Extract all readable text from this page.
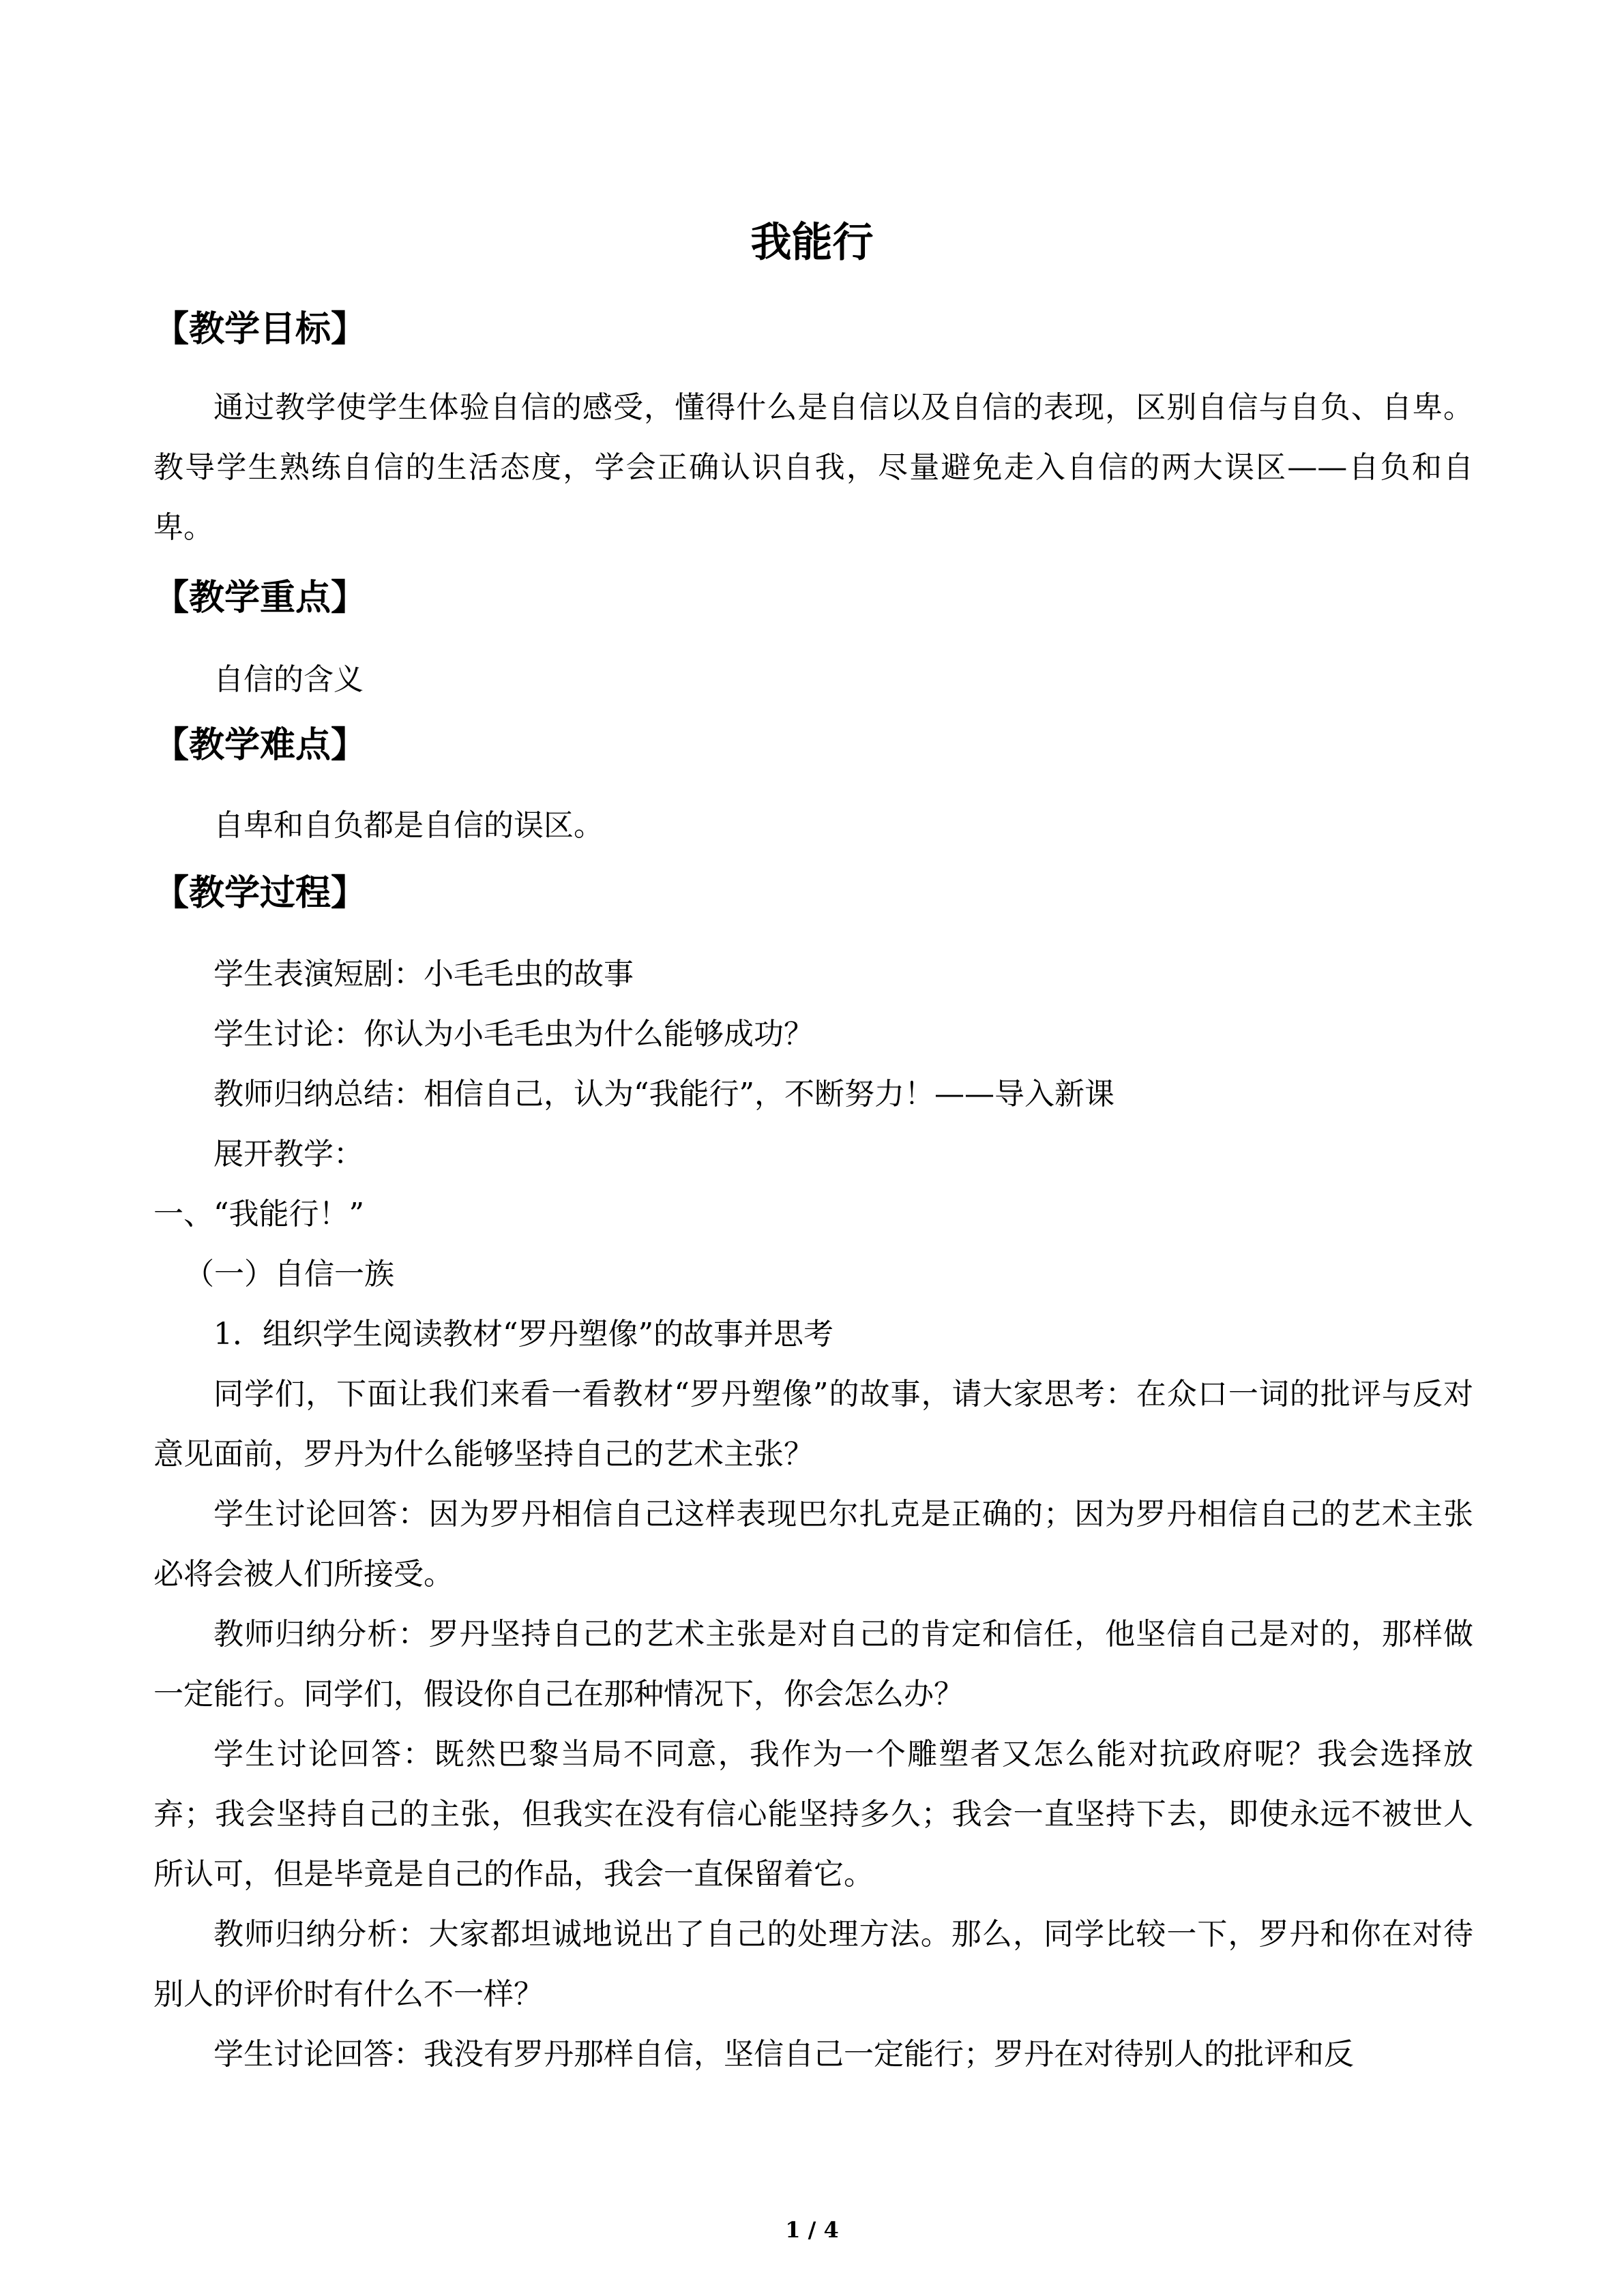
我能行
【教学目标】

通过教学使学生体验自信的感受，懂得什么是自信以及自信的表现，区别自信与自负、自卑。教导学生熟练自信的生活态度，学会正确认识自我，尽量避免走入自信的两大误区——自负和自卑。

【教学重点】

自信的含义

【教学难点】

自卑和自负都是自信的误区。

【教学过程】

学生表演短剧：小毛毛虫的故事

学生讨论：你认为小毛毛虫为什么能够成功？

教师归纳总结：相信自己，认为“我能行”，不断努力！——导入新课

展开教学：

一、“我能行！”

（一）自信一族

1．组织学生阅读教材“罗丹塑像”的故事并思考

同学们，下面让我们来看一看教材“罗丹塑像”的故事，请大家思考：在众口一词的批评与反对意见面前，罗丹为什么能够坚持自己的艺术主张？

学生讨论回答：因为罗丹相信自己这样表现巴尔扎克是正确的；因为罗丹相信自己的艺术主张必将会被人们所接受。

教师归纳分析：罗丹坚持自己的艺术主张是对自己的肯定和信任，他坚信自己是对的，那样做一定能行。同学们，假设你自己在那种情况下，你会怎么办？

学生讨论回答：既然巴黎当局不同意，我作为一个雕塑者又怎么能对抗政府呢？我会选择放弃；我会坚持自己的主张，但我实在没有信心能坚持多久；我会一直坚持下去，即使永远不被世人所认可，但是毕竟是自己的作品，我会一直保留着它。

教师归纳分析：大家都坦诚地说出了自己的处理方法。那么，同学比较一下，罗丹和你在对待别人的评价时有什么不一样？

学生讨论回答：我没有罗丹那样自信，坚信自己一定能行；罗丹在对待别人的批评和反

1 / 4
